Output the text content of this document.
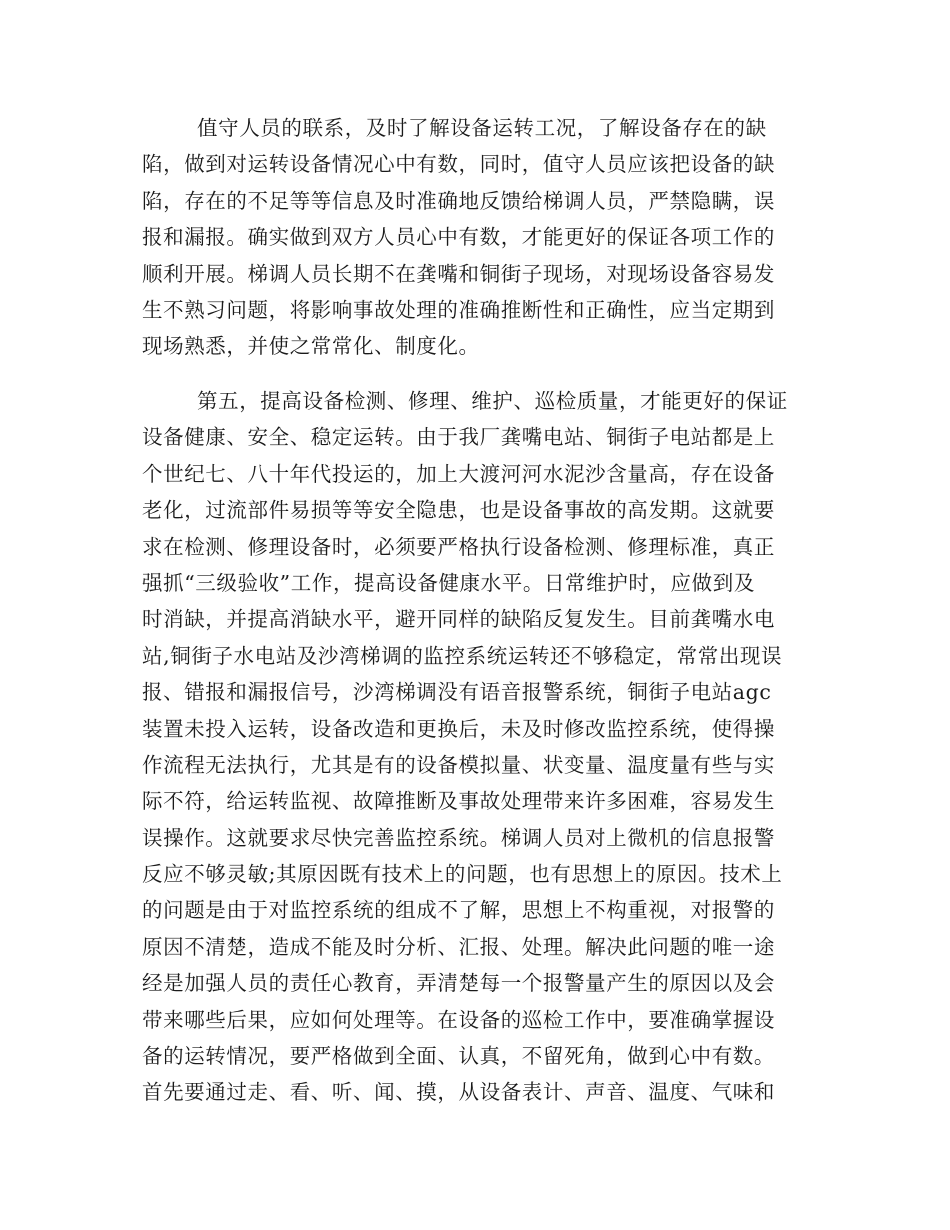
值守人员的联系，及时了解设备运转工况，了解设备存在的缺
陷，做到对运转设备情况心中有数，同时，值守人员应该把设备的缺
陷，存在的不足等等信息及时准确地反馈给梯调人员，严禁隐瞒，误
报和漏报。确实做到双方人员心中有数，才能更好的保证各项工作的
顺利开展。梯调人员长期不在龚嘴和铜街子现场，对现场设备容易发
生不熟习问题，将影响事故处理的准确推断性和正确性，应当定期到
现场熟悉，并使之常常化、制度化。
第五，提高设备检测、修理、维护、巡检质量，才能更好的保证
设备健康、安全、稳定运转。由于我厂龚嘴电站、铜街子电站都是上
个世纪七、八十年代投运的，加上大渡河河水泥沙含量高，存在设备
老化，过流部件易损等等安全隐患，也是设备事故的高发期。这就要
求在检测、修理设备时，必须要严格执行设备检测、修理标准，真正
强抓“三级验收”工作，提高设备健康水平。日常维护时，应做到及
时消缺，并提高消缺水平，避开同样的缺陷反复发生。目前龚嘴水电
站,铜街子水电站及沙湾梯调的监控系统运转还不够稳定，常常出现误
报、错报和漏报信号，沙湾梯调没有语音报警系统，铜街子电站agc
装置未投入运转，设备改造和更换后，未及时修改监控系统，使得操
作流程无法执行，尤其是有的设备模拟量、状变量、温度量有些与实
际不符，给运转监视、故障推断及事故处理带来许多困难，容易发生
误操作。这就要求尽快完善监控系统。梯调人员对上微机的信息报警
反应不够灵敏;其原因既有技术上的问题，也有思想上的原因。技术上
的问题是由于对监控系统的组成不了解，思想上不构重视，对报警的
原因不清楚，造成不能及时分析、汇报、处理。解决此问题的唯一途
经是加强人员的责任心教育，弄清楚每一个报警量产生的原因以及会
带来哪些后果，应如何处理等。在设备的巡检工作中，要准确掌握设
备的运转情况，要严格做到全面、认真，不留死角，做到心中有数。
首先要通过走、看、听、闻、摸，从设备表计、声音、温度、气味和
